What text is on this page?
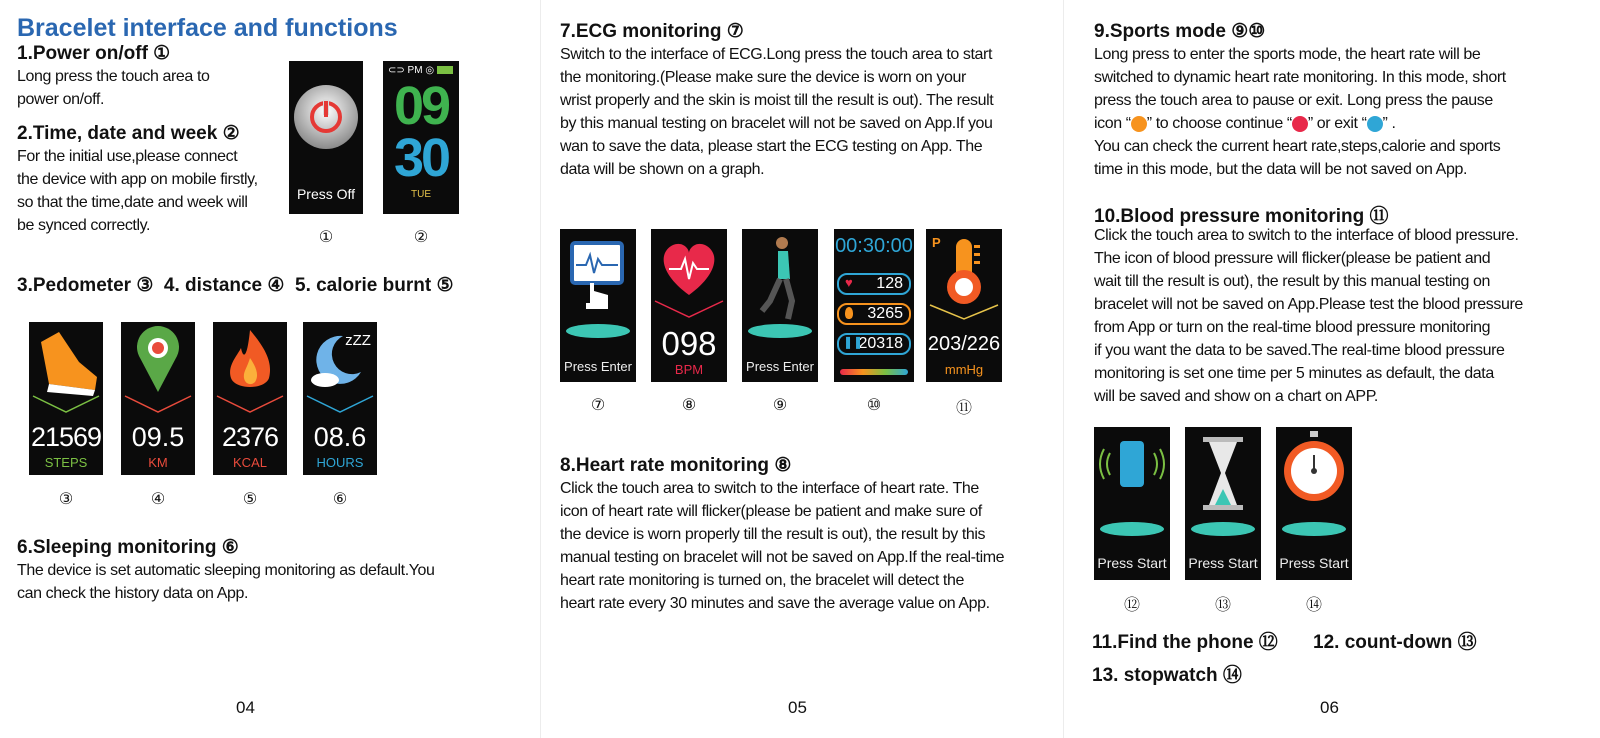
Bracelet interface and functions
1.Power on/off ①
Long press the touch area to
power on/off.
2.Time, date and week ②
For the initial use,please connect
the device with app on mobile firstly,
so that the time,date and week will
be synced correctly.
Press Off
⊂⊃ PM ◎
09
30
TUE
①	②
3.Pedometer ③  4. distance ④  5. calorie burnt ⑤
21569
STEPS
09.5
KM
2376
KCAL
zZZ
08.6
HOURS
③	④	⑤	⑥
6.Sleeping monitoring ⑥
The device is set automatic sleeping monitoring as default.You
can check the history data on App.
04
7.ECG monitoring ⑦
Switch to the interface of ECG.Long press the touch area to start
the monitoring.(Please make sure the device is worn on your
wrist properly and the skin is moist till the result is out). The result
by this manual testing on bracelet will not be saved on App.If you
wan to save the data, please start the ECG testing on App. The
data will be shown on a graph.
Press Enter
098
BPM	Press Enter
00:30:00
♥ 128
3265
❚❚
20318
P
203/226
mmHg
⑦	⑧	⑨	⑩	⑪
8.Heart rate monitoring ⑧
Click the touch area to switch to the interface of heart rate. The
icon of heart rate will flicker(please be patient and make sure of
the device is worn properly till the result is out), the result by this
manual testing on bracelet will not be saved on App.If the real-time
heart rate monitoring is turned on, the bracelet will detect the
heart rate every 30 minutes and save the average value on App.
05
9.Sports mode ⑨⑩
Long press to enter the sports mode, the heart rate will be
switched to dynamic heart rate monitoring. In this mode, short
press the touch area to pause or exit. Long press the pause
icon “ ” to choose continue “ ” or exit “ ” .
You can check the current heart rate,steps,calorie and sports
time in this mode, but the data will be not saved on App.
10.Blood pressure monitoring ⑪
Click the touch area to switch to the interface of blood pressure.
The icon of blood pressure will flicker(please be patient and
wait till the result is out), the result by this manual testing on
bracelet will not be saved on App.Please test the blood pressure
from App or turn on the real-time blood pressure monitoring
if you want the data to be saved.The real-time blood pressure
monitoring is set one time per 5 minutes as default, the data
will be saved and show on a chart on APP.
Press Start Press Start Press Start
⑫	⑬	⑭
11.Find the phone ⑫ 12. count-down ⑬
13. stopwatch ⑭
06
